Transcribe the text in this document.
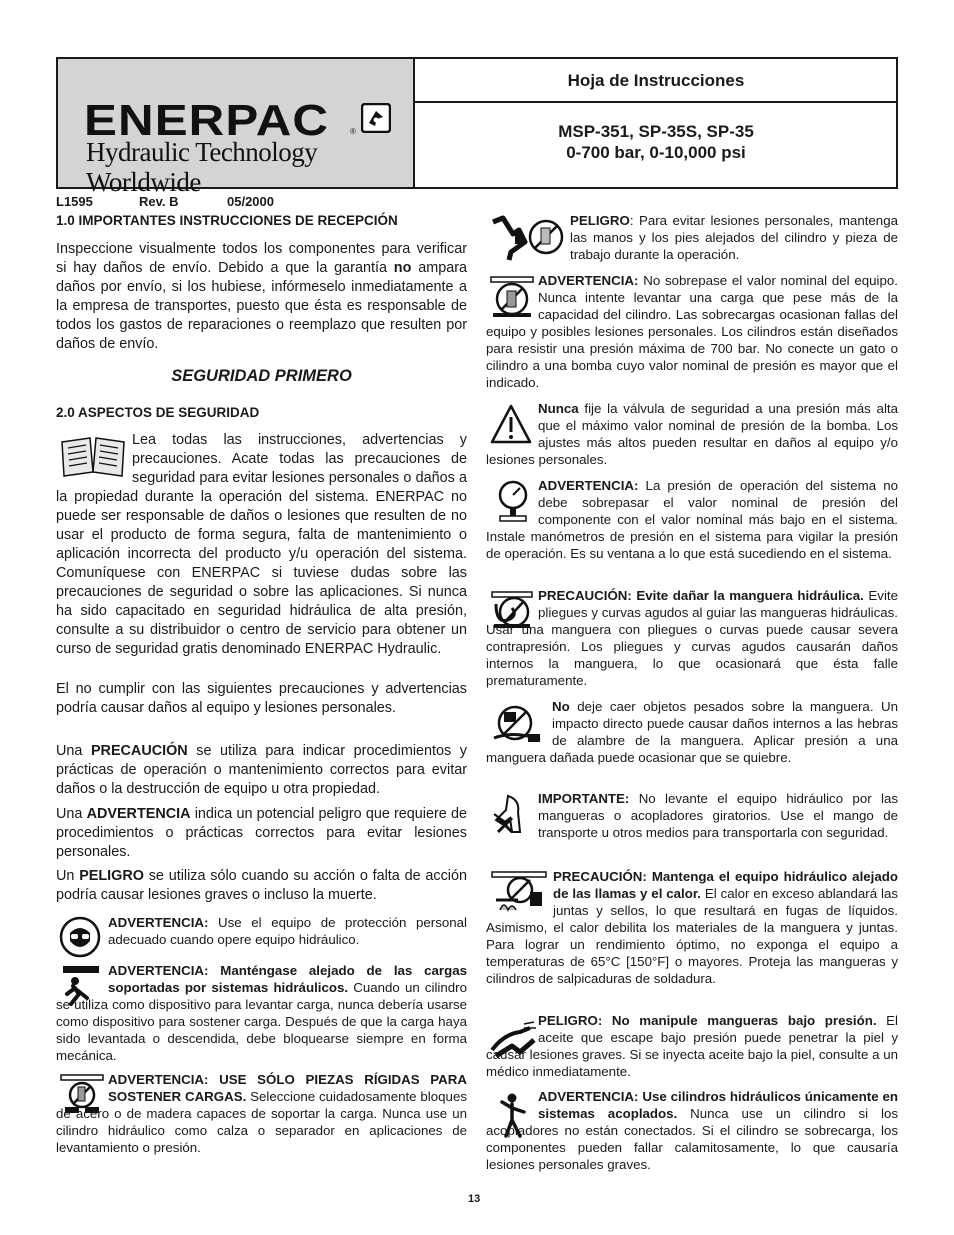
ENERPAC	®
Hydraulic Technology Worldwide
Hoja de Instrucciones
MSP-351, SP-35S, SP-35
0-700 bar, 0-10,000 psi
L1595	Rev. B	05/2000
1.0 IMPORTANTES INSTRUCCIONES DE RECEPCIÓN
Inspeccione visualmente todos los componentes para verificar si hay daños de envío. Debido a que la garantía no ampara daños por envío, si los hubiese, infórmeselo inmediatamente a la empresa de transportes, puesto que ésta es responsable de todos los gastos de reparaciones o reemplazo que resulten por daños de envío.
SEGURIDAD PRIMERO
2.0 ASPECTOS DE SEGURIDAD
Lea todas las instrucciones, advertencias y precauciones. Acate todas las precauciones de seguridad para evitar lesiones personales o daños a la propiedad durante la operación del sistema. ENERPAC no puede ser responsable de daños o lesiones que resulten de no usar el producto de forma segura, falta de mantenimiento o aplicación incorrecta del producto y/u operación del sistema. Comuníquese con ENERPAC si tuviese dudas sobre las precauciones de seguridad o sobre las aplicaciones. Si nunca ha sido capacitado en seguridad hidráulica de alta presión, consulte a su distribuidor o centro de servicio para obtener un curso de seguridad gratis denominado ENERPAC Hydraulic.
El no cumplir con las siguientes precauciones y advertencias podría causar daños al equipo y lesiones personales.
Una PRECAUCIÓN se utiliza para indicar procedimientos y prácticas de operación o mantenimiento correctos para evitar daños o la destrucción de equipo u otra propiedad.
Una ADVERTENCIA indica un potencial peligro que requiere de procedimientos o prácticas correctos para evitar lesiones personales.
Un PELIGRO se utiliza sólo cuando su acción o falta de acción podría causar lesiones graves o incluso la muerte.
ADVERTENCIA: Use el equipo de protección personal adecuado cuando opere equipo hidráulico.
ADVERTENCIA: Manténgase alejado de las cargas soportadas por sistemas hidráulicos. Cuando un cilindro se utiliza como dispositivo para levantar carga, nunca debería usarse como dispositivo para sostener carga. Después de que la carga haya sido levantada o descendida, debe bloquearse siempre en forma mecánica.
ADVERTENCIA: USE SÓLO PIEZAS RÍGIDAS PARA SOSTENER CARGAS. Seleccione cuidadosamente bloques de acero o de madera capaces de soportar la carga. Nunca use un cilindro hidráulico como calza o separador en aplicaciones de levantamiento o presión.
PELIGRO: Para evitar lesiones personales, mantenga las manos y los pies alejados del cilindro y pieza de trabajo durante la operación.
ADVERTENCIA: No sobrepase el valor nominal del equipo. Nunca intente levantar una carga que pese más de la capacidad del cilindro. Las sobrecargas ocasionan fallas del equipo y posibles lesiones personales. Los cilindros están diseñados para resistir una presión máxima de 700 bar. No conecte un gato o cilindro a una bomba cuyo valor nominal de presión es mayor que el indicado.
Nunca fije la válvula de seguridad a una presión más alta que el máximo valor nominal de presión de la bomba. Los ajustes más altos pueden resultar en daños al equipo y/o lesiones personales.
ADVERTENCIA: La presión de operación del sistema no debe sobrepasar el valor nominal de presión del componente con el valor nominal más bajo en el sistema. Instale manómetros de presión en el sistema para vigilar la presión de operación. Es su ventana a lo que está sucediendo en el sistema.
PRECAUCIÓN: Evite dañar la manguera hidráulica. Evite pliegues y curvas agudos al guiar las mangueras hidráulicas. Usar una manguera con pliegues o curvas puede causar severa contrapresión. Los pliegues y curvas agudos causarán daños internos la manguera, lo que ocasionará que ésta falle prematuramente.
No deje caer objetos pesados sobre la manguera. Un impacto directo puede causar daños internos a las hebras de alambre de la manguera. Aplicar presión a una manguera dañada puede ocasionar que se quiebre.
IMPORTANTE: No levante el equipo hidráulico por las mangueras o acopladores giratorios. Use el mango de transporte u otros medios para transportarla con seguridad.
PRECAUCIÓN: Mantenga el equipo hidráulico alejado de las llamas y el calor. El calor en exceso ablandará las juntas y sellos, lo que resultará en fugas de líquidos. Asimismo, el calor debilita los materiales de la manguera y juntas. Para lograr un rendimiento óptimo, no exponga el equipo a temperaturas de 65°C [150°F] o mayores. Proteja las mangueras y cilindros de salpicaduras de soldadura.
PELIGRO: No manipule mangueras bajo presión. El aceite que escape bajo presión puede penetrar la piel y causar lesiones graves. Si se inyecta aceite bajo la piel, consulte a un médico inmediatamente.
ADVERTENCIA: Use cilindros hidráulicos únicamente en sistemas acoplados. Nunca use un cilindro si los acopladores no están conectados. Si el cilindro se sobrecarga, los componentes pueden fallar calamitosamente, lo que causaría lesiones personales graves.
13
